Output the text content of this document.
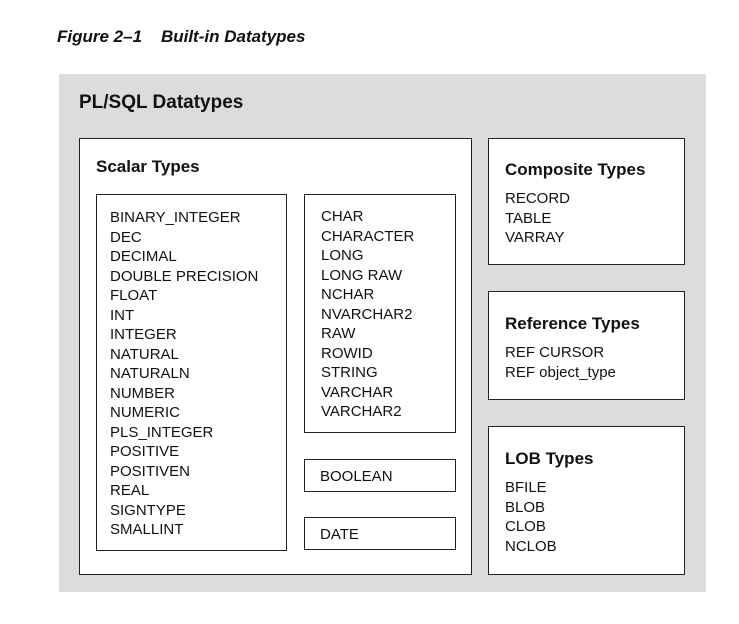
Figure 2–1 Built-in Datatypes
PL/SQL Datatypes
Scalar Types
BINARY_INTEGER
DEC
DECIMAL
DOUBLE PRECISION
FLOAT
INT
INTEGER
NATURAL
NATURALN
NUMBER
NUMERIC
PLS_INTEGER
POSITIVE
POSITIVEN
REAL
SIGNTYPE
SMALLINT
CHAR
CHARACTER
LONG
LONG RAW
NCHAR
NVARCHAR2
RAW
ROWID
STRING
VARCHAR
VARCHAR2
BOOLEAN
DATE
Composite Types
RECORD
TABLE
VARRAY
Reference Types
REF CURSOR
REF object_type
LOB Types
BFILE
BLOB
CLOB
NCLOB
